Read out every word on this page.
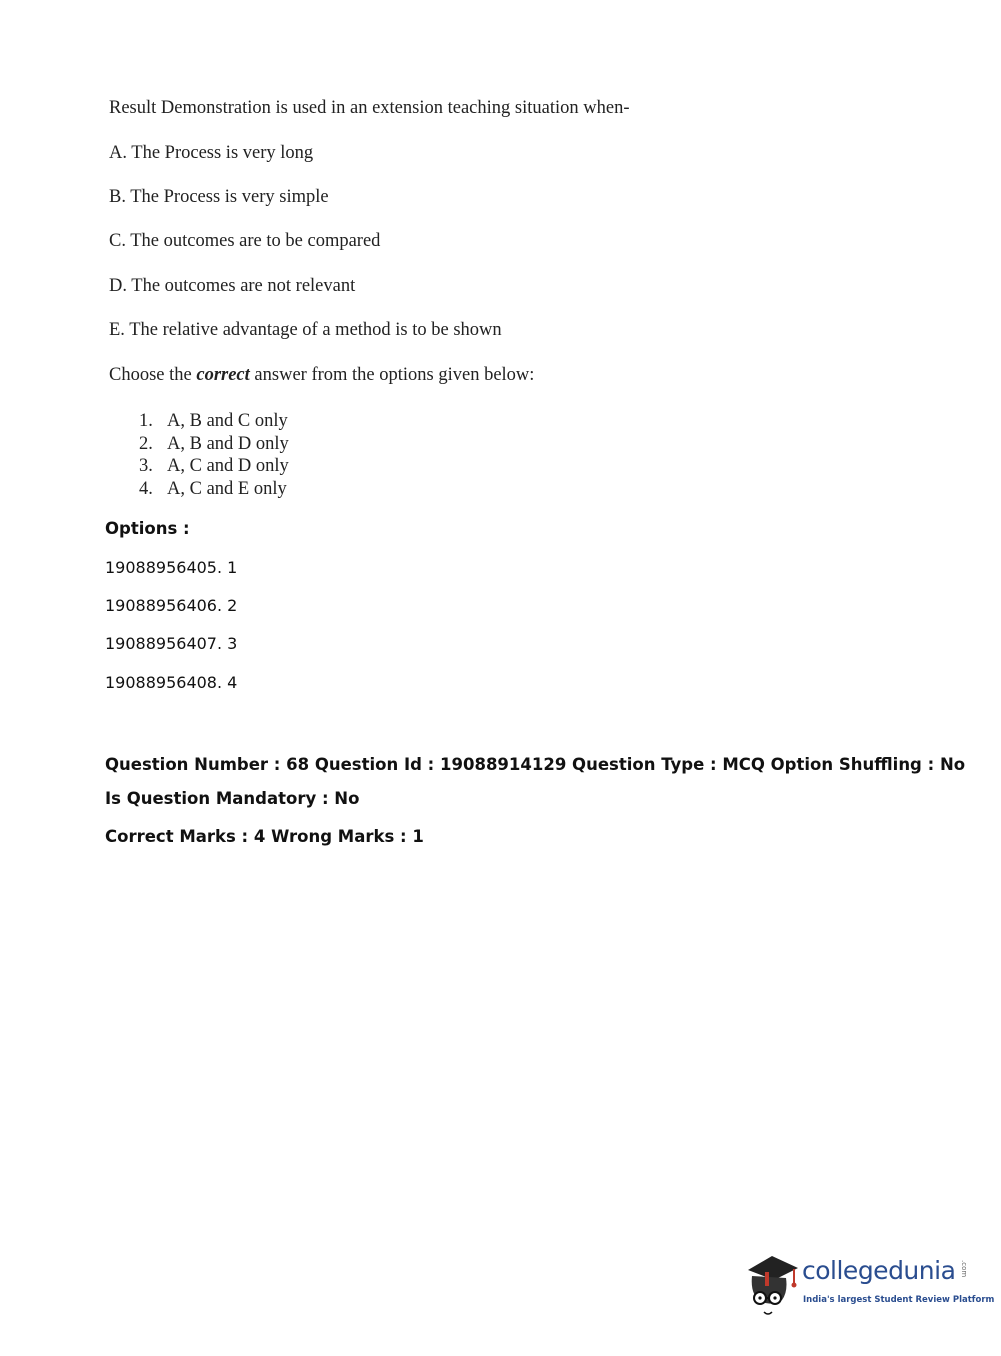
Result Demonstration is used in an extension teaching situation when-
A. The Process is very long
B. The Process is very simple
C. The outcomes are to be compared
D. The outcomes are not relevant
E. The relative advantage of a method is to be shown
Choose the correct answer from the options given below:
1. A, B and C only
2. A, B and D only
3. A, C and D only
4. A, C and E only
Options :
19088956405. 1
19088956406. 2
19088956407. 3
19088956408. 4
Question Number : 68 Question Id : 19088914129 Question Type : MCQ Option Shuffling : No
Is Question Mandatory : No
Correct Marks : 4 Wrong Marks : 1
collegedunia .com
India's largest Student Review Platform
